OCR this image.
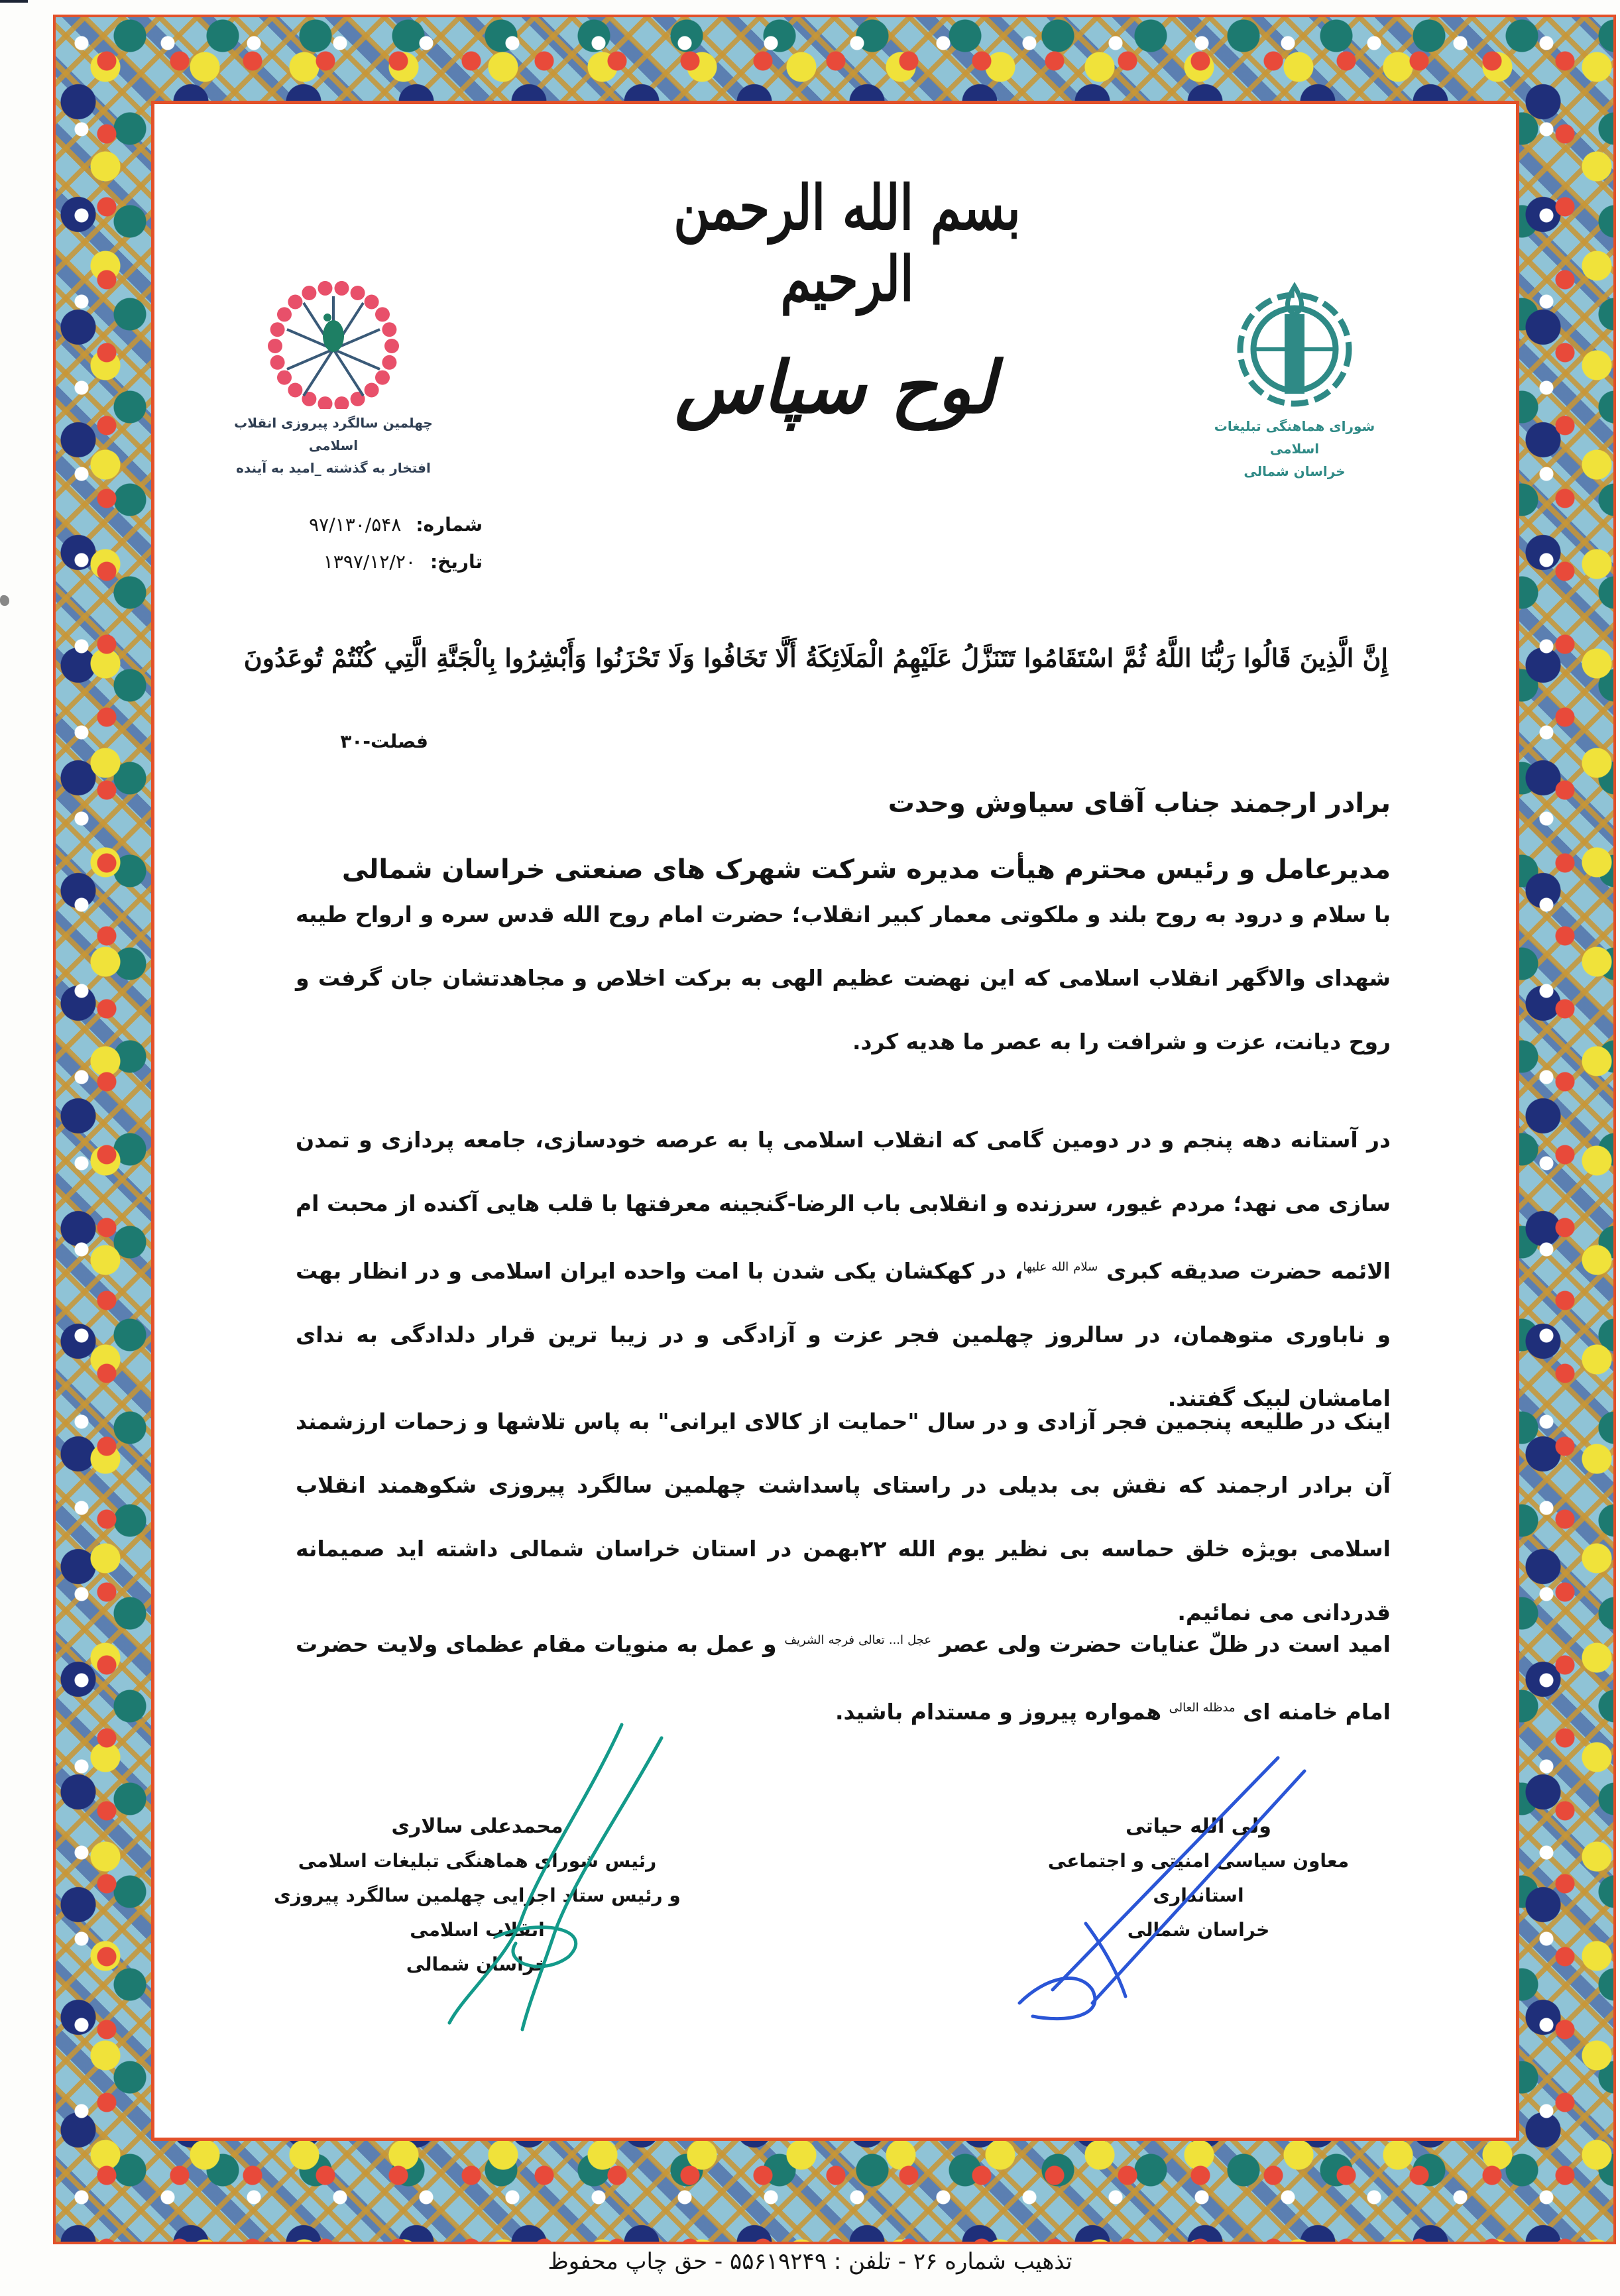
بسم الله الرحمن الرحیم
لوح سپاس	شورای هماهنگی تبلیغات اسلامی
خراسان شمالی
چهلمین سالگرد پیروزی انقلاب اسلامی
افتخار به گذشته _امید به آینده
شماره:
۹۷/۱۳۰/۵۴۸
تاریخ:
۱۳۹۷/۱۲/۲۰
إِنَّ الَّذِينَ قَالُوا رَبُّنَا اللَّهُ ثُمَّ اسْتَقَامُوا تَتَنَزَّلُ عَلَيْهِمُ الْمَلَائِكَةُ أَلَّا تَخَافُوا وَلَا تَحْزَنُوا وَأَبْشِرُوا بِالْجَنَّةِ الَّتِي كُنْتُمْ تُوعَدُونَ
فصلت-۳۰
برادر ارجمند جناب آقای سیاوش وحدت
مدیرعامل و رئیس محترم هیأت مدیره شرکت شهرک های صنعتی خراسان شمالی
با سلام و درود به روح بلند و ملکوتی معمار کبیر انقلاب؛ حضرت امام روح الله قدس سره و ارواح طیبه شهدای والاگهر انقلاب اسلامی که این نهضت عظیم الهی به برکت اخلاص و مجاهدتشان جان گرفت و روح دیانت، عزت و شرافت را به عصر ما هدیه کرد.
در آستانه دهه پنجم و در دومین گامی که انقلاب اسلامی پا به عرصه خودسازی، جامعه پردازی و تمدن سازی می نهد؛ مردم غیور، سرزنده و انقلابی باب الرضا-گنجینه معرفتها با قلب هایی آکنده از محبت ام الائمه حضرت صدیقه کبری $^{سلام الله علیها}$، در کهکشان یکی شدن با امت واحده ایران اسلامی و در انظار بهت و ناباوری متوهمان، در سالروز چهلمین فجر عزت و آزادگی و در زیبا ترین قرار دلدادگی به ندای امامشان لبیک گفتند.
اینک در طلیعه پنجمین فجر آزادی و در سال "حمایت از کالای ایرانی" به پاس تلاشها و زحمات ارزشمند آن برادر ارجمند که نقش بی بدیلی در راستای پاسداشت چهلمین سالگرد پیروزی شکوهمند انقلاب اسلامی بویژه خلق حماسه بی نظیر یوم الله ۲۲بهمن در استان خراسان شمالی داشته اید صمیمانه قدردانی می نمائیم.
امید است در ظلّ عنایات حضرت ولی عصر $^{عجل ا... تعالی فرجه الشریف}$ و عمل به منویات مقام عظمای ولایت حضرت امام خامنه ای $^{مدظله العالی}$ همواره پیروز و مستدام باشید.
ولی الله حیاتی
معاون سیاسی امنیتی و اجتماعی استانداری
خراسان شمالی
محمدعلی سالاری
رئیس شورای هماهنگی تبلیغات اسلامی
و رئیس ستاد اجرایی چهلمین سالگرد پیروزی انقلاب اسلامی
خراسان شمالی
تذهیب شماره ۲۶ - تلفن : ۵۵۶۱۹۲۴۹ - حق چاپ محفوظ
